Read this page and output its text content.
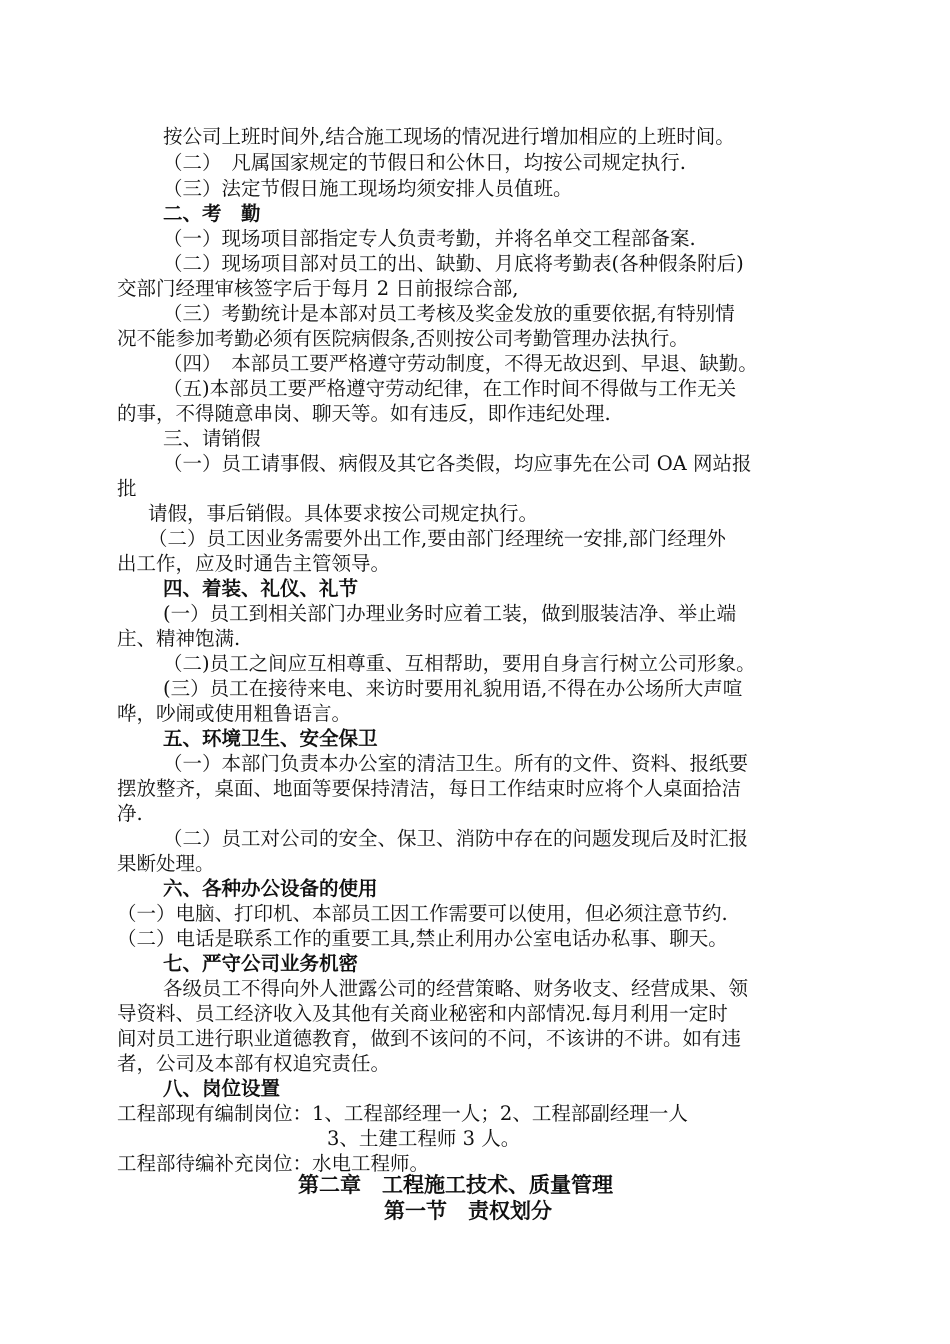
按公司上班时间外,结合施工现场的情况进行增加相应的上班时间。
（二）　凡属国家规定的节假日和公休日，均按公司规定执行.
（三）法定节假日施工现场均须安排人员值班。
二、考　勤
（一）现场项目部指定专人负责考勤，并将名单交工程部备案.
（二）现场项目部对员工的出、缺勤、月底将考勤表(各种假条附后)
交部门经理审核签字后于每月 2 日前报综合部,
（三）考勤统计是本部对员工考核及奖金发放的重要依据,有特别情
况不能参加考勤必须有医院病假条,否则按公司考勤管理办法执行。
（四）　本部员工要严格遵守劳动制度，不得无故迟到、早退、缺勤。
（五)本部员工要严格遵守劳动纪律，在工作时间不得做与工作无关
的事，不得随意串岗、聊天等。如有违反，即作违纪处理.
三、请销假
（一）员工请事假、病假及其它各类假，均应事先在公司 OA 网站报
批
请假，事后销假。具体要求按公司规定执行。
（二）员工因业务需要外出工作,要由部门经理统一安排,部门经理外
出工作，应及时通告主管领导。
四、着装、礼仪、礼节
(一）员工到相关部门办理业务时应着工装，做到服装洁净、举止端
庄、精神饱满.
（二)员工之间应互相尊重、互相帮助，要用自身言行树立公司形象。
(三）员工在接待来电、来访时要用礼貌用语,不得在办公场所大声喧
哗，吵闹或使用粗鲁语言。
五、环境卫生、安全保卫
（一）本部门负责本办公室的清洁卫生。所有的文件、资料、报纸要
摆放整齐，桌面、地面等要保持清洁，每日工作结束时应将个人桌面拾洁
净.
（二）员工对公司的安全、保卫、消防中存在的问题发现后及时汇报
果断处理。
六、各种办公设备的使用
（一）电脑、打印机、本部员工因工作需要可以使用，但必须注意节约.
（二）电话是联系工作的重要工具,禁止利用办公室电话办私事、聊天。
七、严守公司业务机密
各级员工不得向外人泄露公司的经营策略、财务收支、经营成果、领
导资料、员工经济收入及其他有关商业秘密和内部情况.每月利用一定时
间对员工进行职业道德教育，做到不该问的不问，不该讲的不讲。如有违
者，公司及本部有权追究责任。
八、岗位设置
工程部现有编制岗位：1、工程部经理一人；2、工程部副经理一人
3、土建工程师 3 人。
工程部待编补充岗位：水电工程师。
第二章　工程施工技术、质量管理
第一节　责权划分
